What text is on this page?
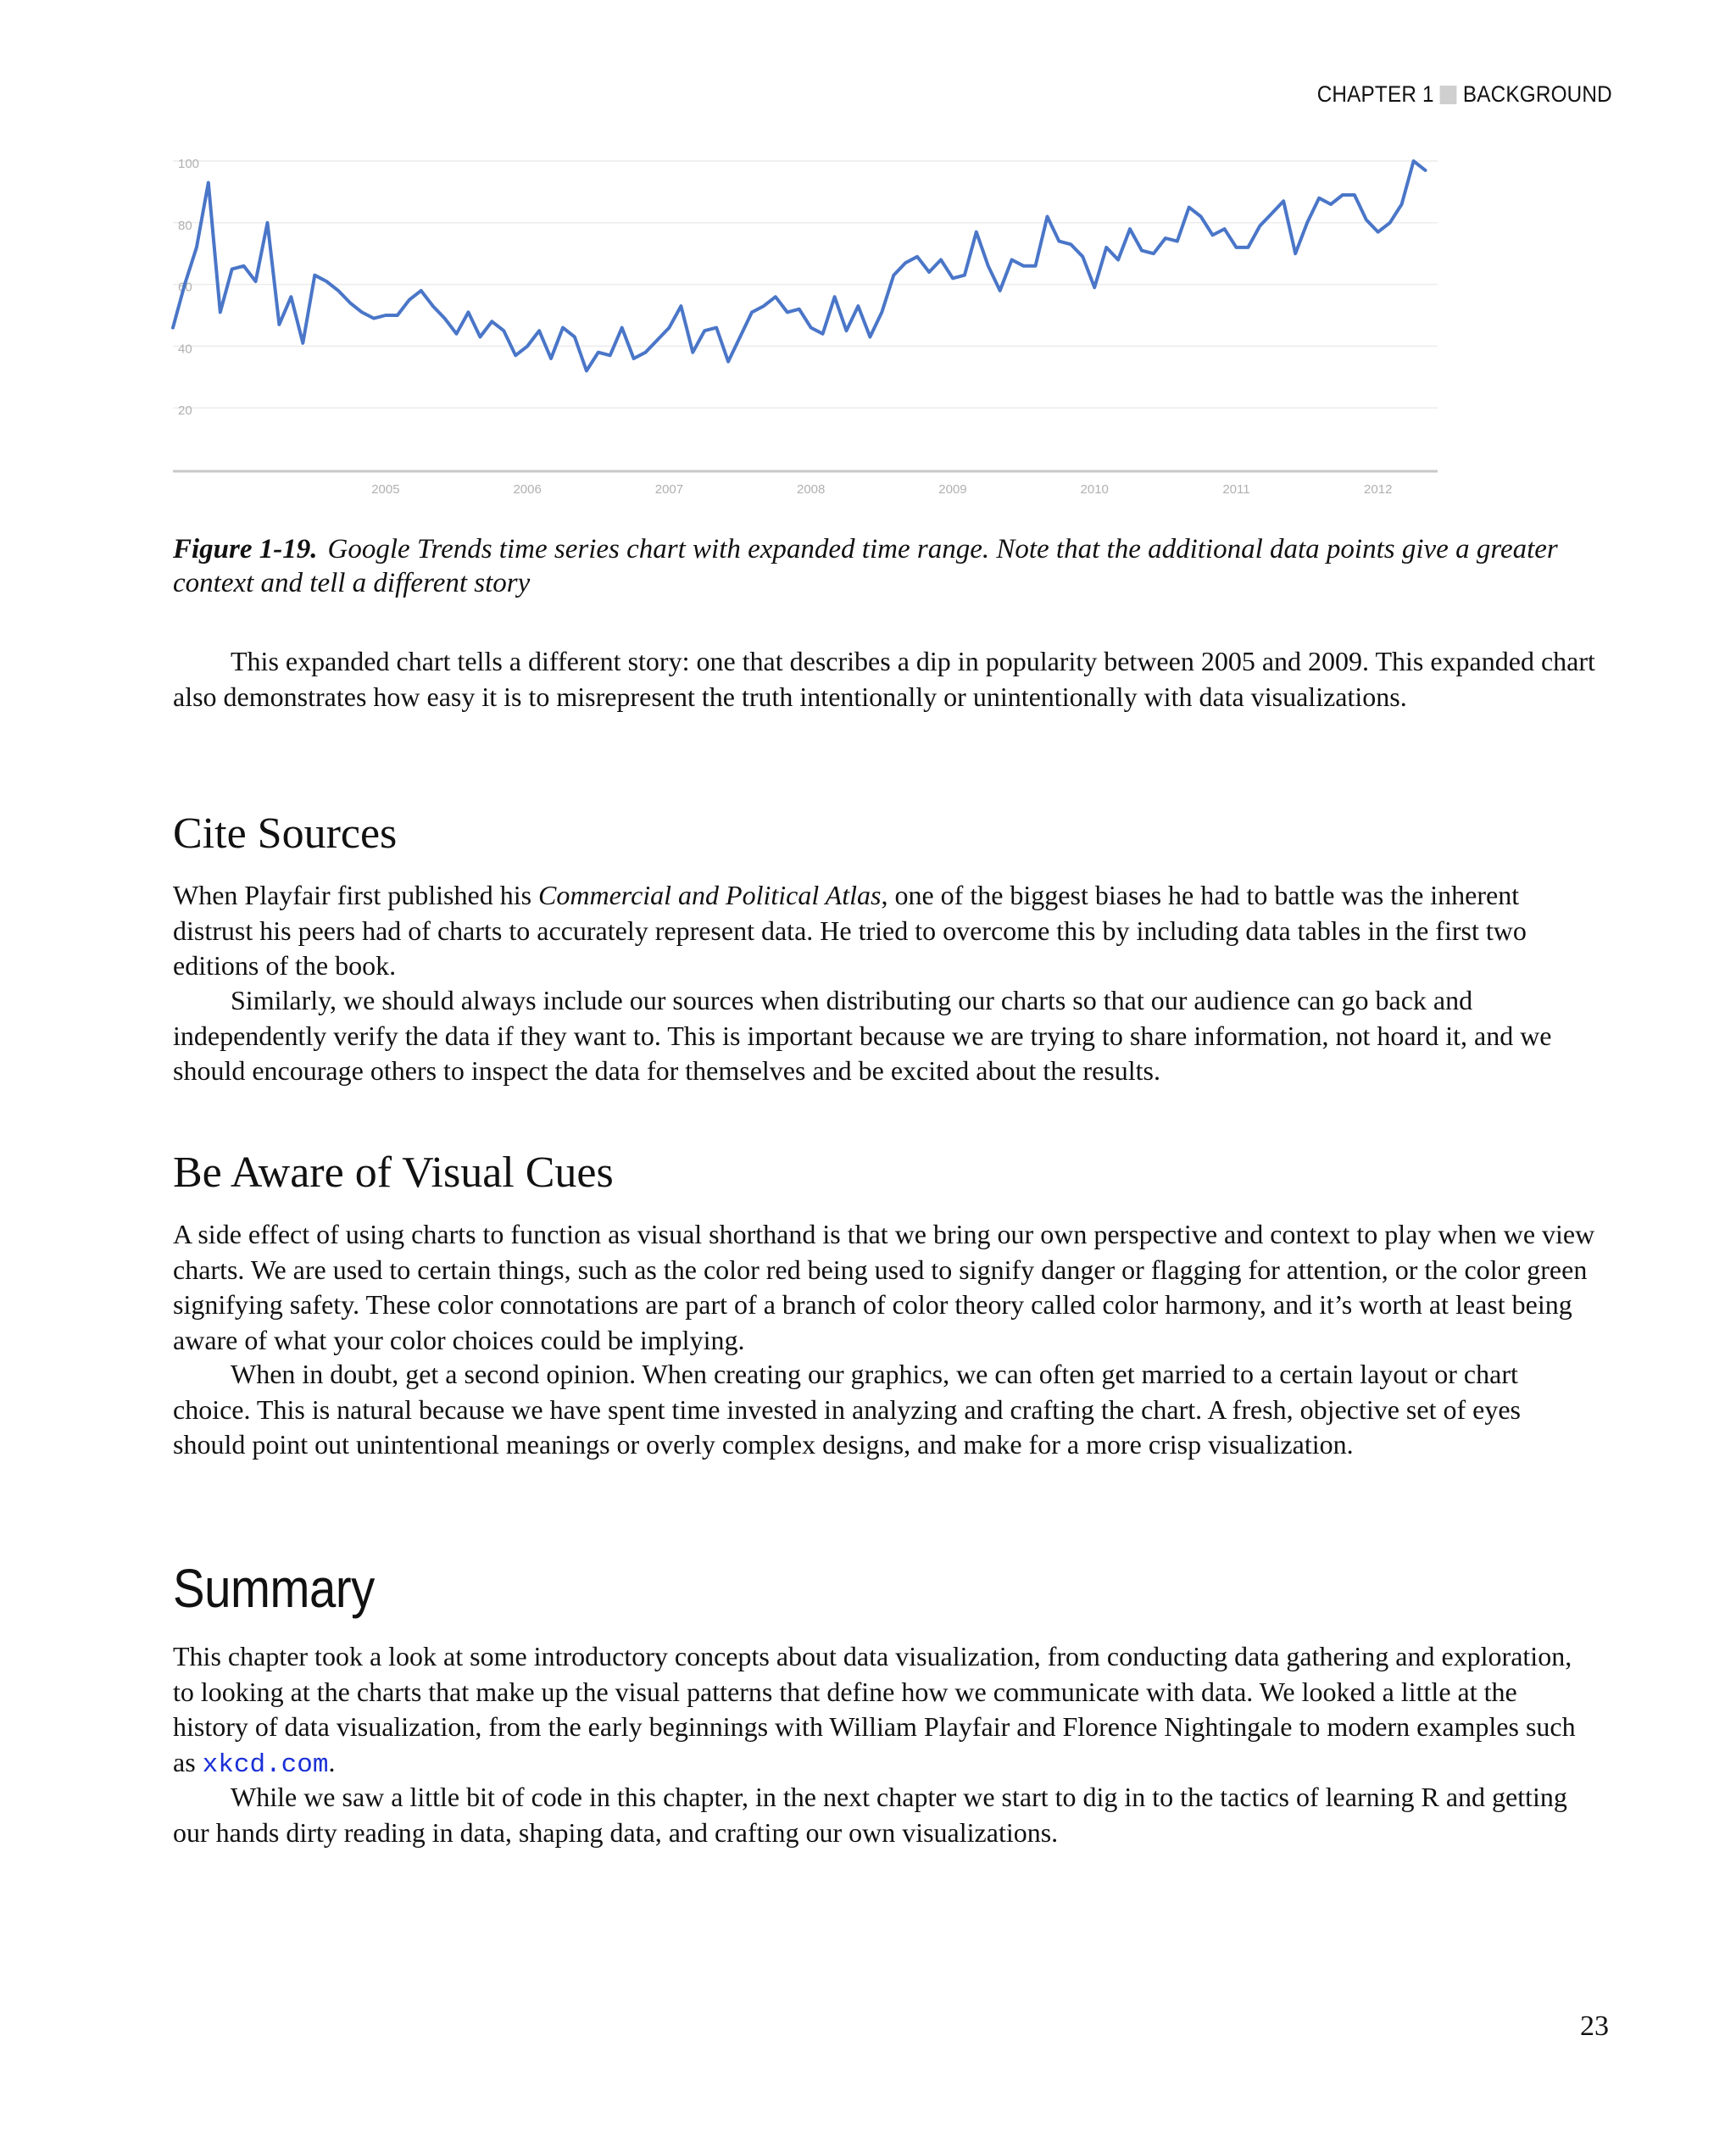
CHAPTER 1 BACKGROUND
100
80
60
40
20
2005	2006	2007	2008	2009	2010	2011	2012
Figure 1-19. Google Trends time series chart with expanded time range. Note that the additional data points give a greater context and tell a different story

This expanded chart tells a different story: one that describes a dip in popularity between 2005 and 2009. This expanded chart also demonstrates how easy it is to misrepresent the truth intentionally or unintentionally with data visualizations.

Cite Sources

When Playfair first published his Commercial and Political Atlas, one of the biggest biases he had to battle was the inherent distrust his peers had of charts to accurately represent data. He tried to overcome this by including data tables in the first two editions of the book.

Similarly, we should always include our sources when distributing our charts so that our audience can go back and independently verify the data if they want to. This is important because we are trying to share information, not hoard it, and we should encourage others to inspect the data for themselves and be excited about the results.

Be Aware of Visual Cues

A side effect of using charts to function as visual shorthand is that we bring our own perspective and context to play when we view charts. We are used to certain things, such as the color red being used to signify danger or flagging for attention, or the color green signifying safety. These color connotations are part of a branch of color theory called color harmony, and it’s worth at least being aware of what your color choices could be implying.

When in doubt, get a second opinion. When creating our graphics, we can often get married to a certain layout or chart choice. This is natural because we have spent time invested in analyzing and crafting the chart. A fresh, objective set of eyes should point out unintentional meanings or overly complex designs, and make for a more crisp visualization.

Summary

This chapter took a look at some introductory concepts about data visualization, from conducting data gathering and exploration, to looking at the charts that make up the visual patterns that define how we communicate with data. We looked a little at the history of data visualization, from the early beginnings with William Playfair and Florence Nightingale to modern examples such as xkcd.com.

While we saw a little bit of code in this chapter, in the next chapter we start to dig in to the tactics of learning R and getting our hands dirty reading in data, shaping data, and crafting our own visualizations.

23
